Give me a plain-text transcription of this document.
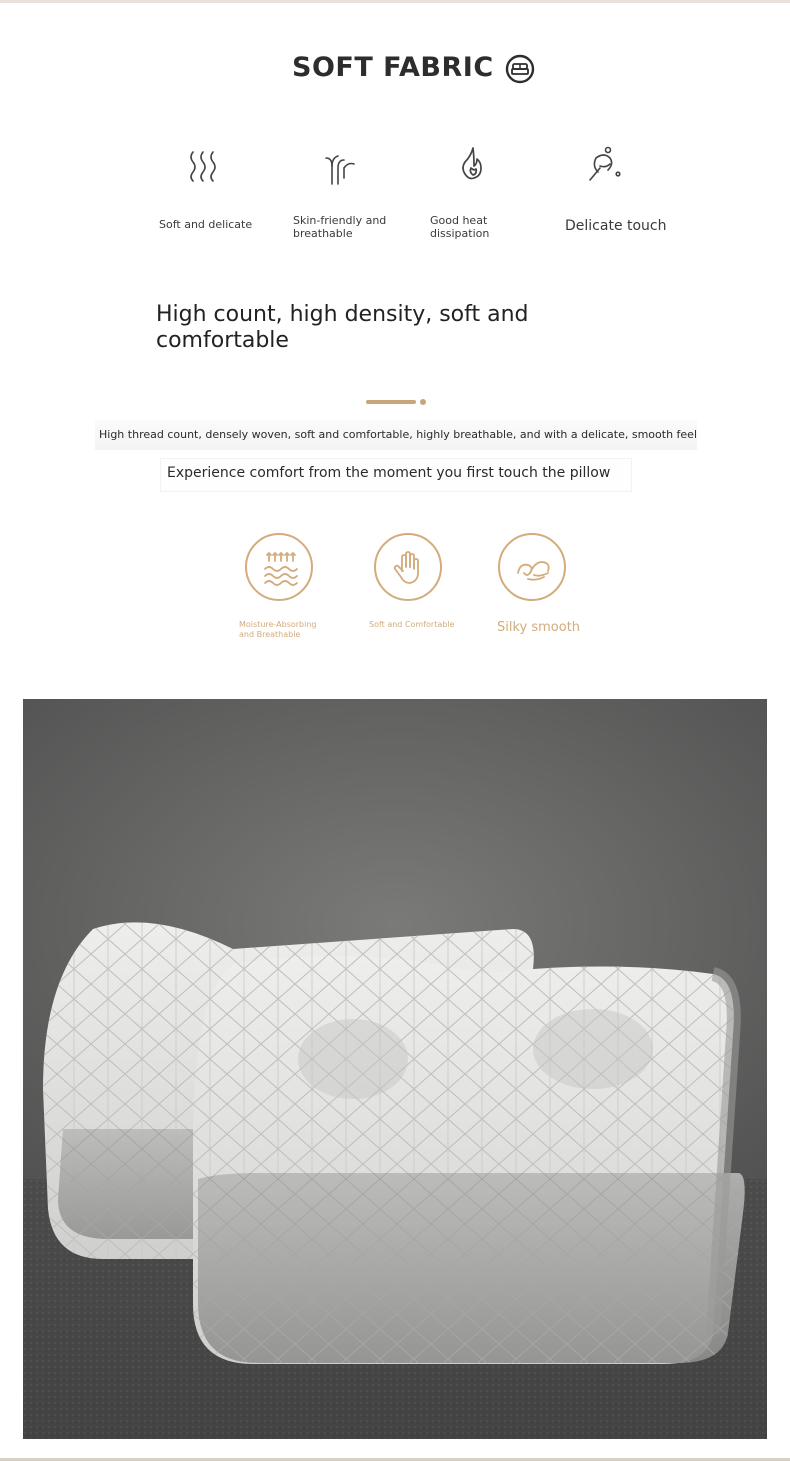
SOFT FABRIC
Soft and delicate	Skin-friendly and breathable
Good heat dissipation	Delicate touch
High count, high density, soft and comfortable
High thread count, densely woven, soft and comfortable, highly breathable, and with a delicate, smooth feel
Experience comfort from the moment you first touch the pillow
Moisture-Absorbing and Breathable
Soft and Comfortable	Silky smooth
